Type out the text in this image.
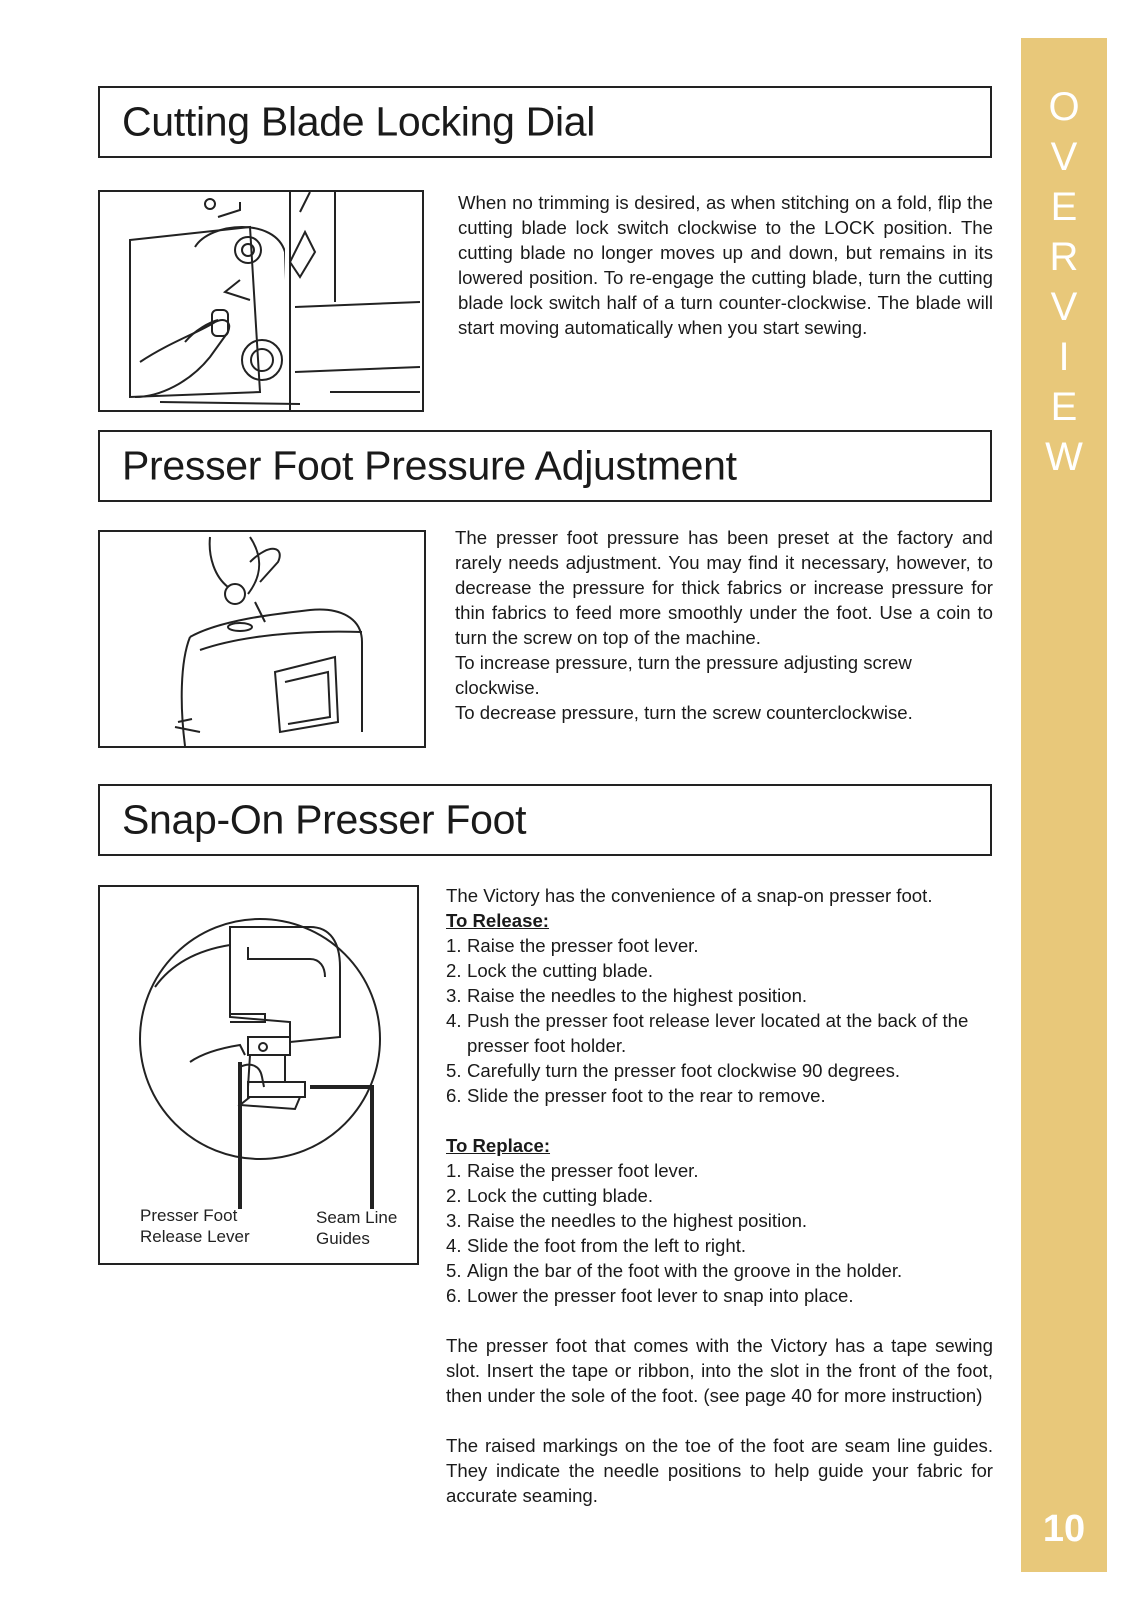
O
V
E
R
V
I
E
W
10
Cutting Blade Locking Dial

When no trimming is desired, as when stitching on a fold, flip the cutting blade lock switch clockwise to the LOCK position. The cutting blade no longer moves up and down, but remains in its lowered position. To re-engage the cutting blade, turn the cutting blade lock switch half of a turn counter-clockwise. The blade will start moving automatically when you start sewing.

Presser Foot Pressure Adjustment

The presser foot pressure has been preset at the factory and rarely needs adjustment. You may find it necessary, however, to decrease the pressure for thick fabrics or increase pressure for thin fabrics to feed more smoothly under the foot. Use a coin to turn the screw on top of the machine.

To increase pressure, turn the pressure adjusting screw clockwise.

To decrease pressure, turn the screw counterclockwise.

Snap-On Presser Foot
Presser Foot
Release Lever
Seam Line
Guides

The Victory has the convenience of a snap-on presser foot.

To Release:

1. Raise the presser foot lever.
2. Lock the cutting blade.
3. Raise the needles to the highest position.
4. Push the presser foot release lever located at the back of the presser foot holder.
5. Carefully turn the presser foot clockwise 90 degrees.
6. Slide the presser foot to the rear to remove.

To Replace:

1. Raise the presser foot lever.
2. Lock the cutting blade.
3. Raise the needles to the highest position.
4. Slide the foot from the left to right.
5. Align the bar of the foot with the groove in the holder.
6. Lower the presser foot lever to snap into place.

The presser foot that comes with the Victory has a tape sewing slot. Insert the tape or ribbon, into the slot in the front of the foot, then under the sole of the foot. (see page 40 for more instruction)

The raised markings on the toe of the foot are seam line guides. They indicate the needle positions to help guide your fabric for accurate seaming.
